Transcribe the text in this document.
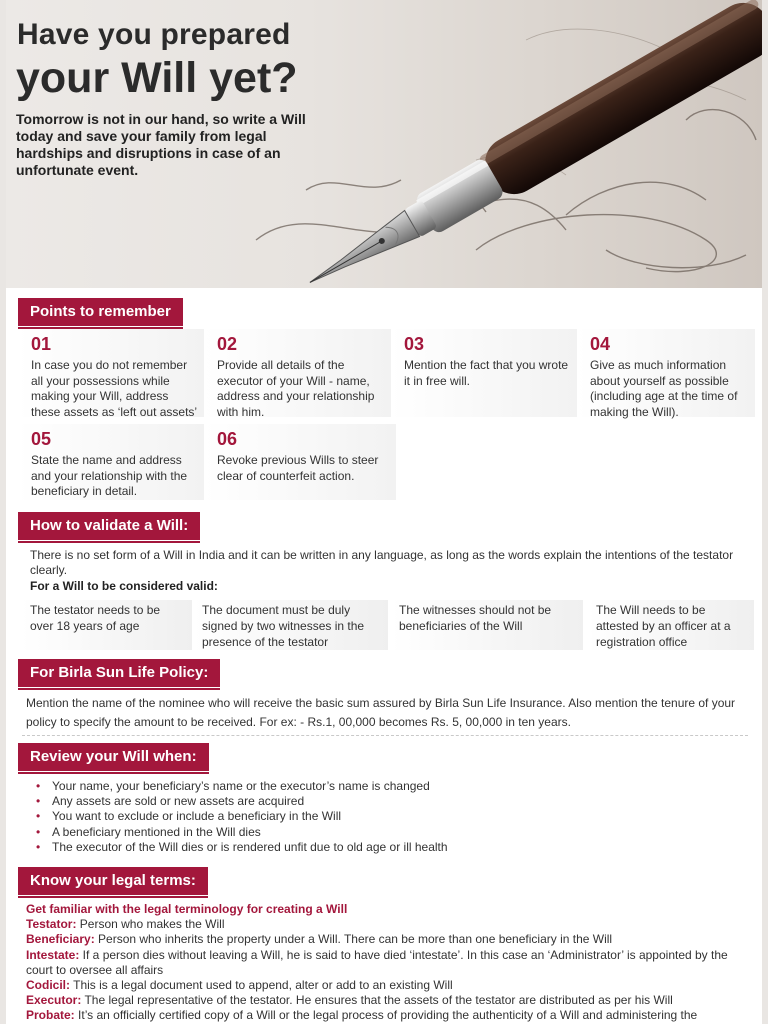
Have you prepared
your Will yet?
Tomorrow is not in our hand, so write a Will today and save your family from legal hardships and disruptions in case of an unfortunate event.
Points to remember
01
In case you do not remember all your possessions while making your Will, address these assets as ‘left out assets’
02
Provide all details of the executor of your Will - name, address and your relationship with him.
03
Mention the fact that you wrote it in free will.
04
Give as much information about yourself as possible (including age at the time of making the Will).
05
State the name and address and your relationship with the beneficiary in detail.
06
Revoke previous Wills to steer clear of counterfeit action.
How to validate a Will:
There is no set form of a Will in India and it can be written in any language, as long as the words explain the intentions of the testator clearly.
For a Will to be considered valid:
The testator needs to be over 18 years of age
The document must be duly signed by two witnesses in the presence of the testator
The witnesses should not be beneficiaries of the Will
The Will needs to be attested by an officer at a registration office
For Birla Sun Life Policy:
Mention the name of the nominee who will receive the basic sum assured by Birla Sun Life Insurance. Also mention the tenure of your policy to specify the amount to be received. For ex: - Rs.1, 00,000 becomes Rs. 5, 00,000 in ten years.
Review your Will when:
• Your name, your beneficiary’s name or the executor’s name is changed
• Any assets are sold or new assets are acquired
• You want to exclude or include a beneficiary in the Will
• A beneficiary mentioned in the Will dies
• The executor of the Will dies or is rendered unfit due to old age or ill health
Know your legal terms:
Get familiar with the legal terminology for creating a Will
Testator: Person who makes the Will
Beneficiary: Person who inherits the property under a Will. There can be more than one beneficiary in the Will
Intestate: If a person dies without leaving a Will, he is said to have died ‘intestate’. In this case an ‘Administrator’ is appointed by the court to oversee all affairs
Codicil: This is a legal document used to append, alter or add to an existing Will
Executor: The legal representative of the testator. He ensures that the assets of the testator are distributed as per his Will
Probate: It’s an officially certified copy of a Will or the legal process of providing the authenticity of a Will and administering the
